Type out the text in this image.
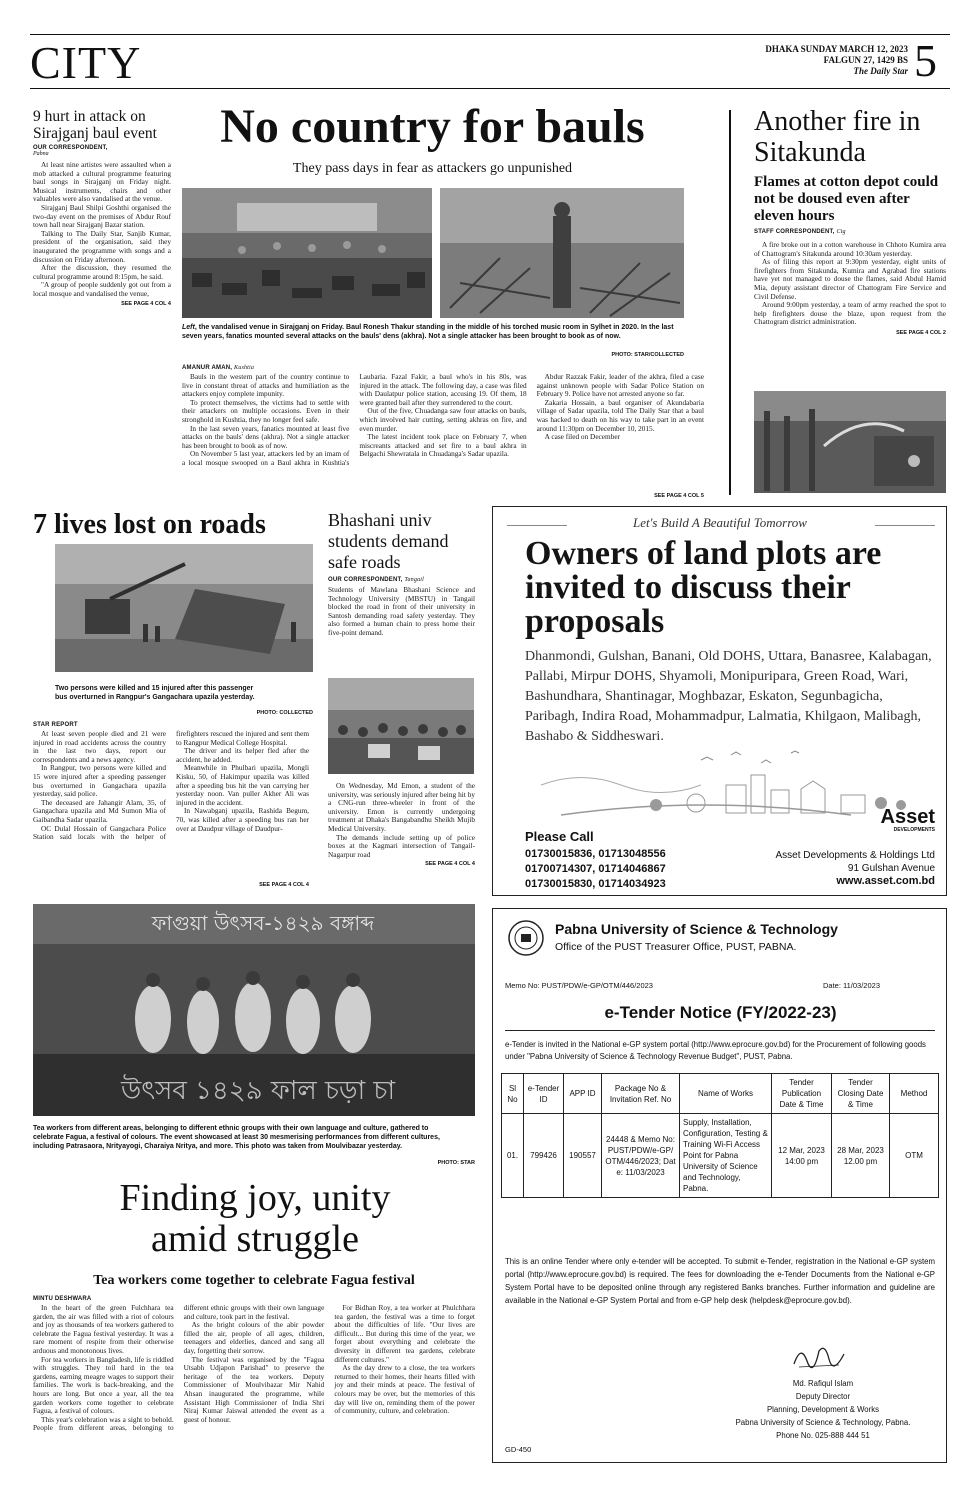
CITY	DHAKA SUNDAY MARCH 12, 2023
FALGUN 27, 1429 BS
The Daily Star 5
9 hurt in attack on Sirajganj baul event
OUR CORRESPONDENT,
Pabna

At least nine artistes were assaulted when a mob attacked a cultural programme featuring baul songs in Sirajganj on Friday night. Musical instruments, chairs and other valuables were also vandalised at the venue.

Sirajganj Baul Shilpi Goshthi organised the two-day event on the premises of Abdur Rouf town hall near Sirajganj Bazar station.

Talking to The Daily Star, Sanjib Kumar, president of the organisation, said they inaugurated the programme with songs and a discussion on Friday afternoon.

After the discussion, they resumed the cultural programme around 8:15pm, he said.

"A group of people suddenly got out from a local mosque and vandalised the venue,

SEE PAGE 4 COL 4
No country for bauls
They pass days in fear as attackers go unpunished
Left, the vandalised venue in Sirajganj on Friday. Baul Ronesh Thakur standing in the middle of his torched music room in Sylhet in 2020. In the last seven years, fanatics mounted several attacks on the bauls' dens (akhra). Not a single attacker has been brought to book as of now.
PHOTO: STAR/COLLECTED
AMANUR AMAN, Kushtia

Bauls in the western part of the country continue to live in constant threat of attacks and humiliation as the attackers enjoy complete impunity.

To protect themselves, the victims had to settle with their attackers on multiple occasions. Even in their stronghold in Kushtia, they no longer feel safe.

In the last seven years, fanatics mounted at least five attacks on the bauls' dens (akhra). Not a single attacker has been brought to book as of now.

On November 5 last year, attackers led by an imam of a local mosque swooped on a Baul akhra in Kushtia's Laubaria. Fazal Fakir, a baul who's in his 80s, was injured in the attack. The following day, a case was filed with Daulatpur police station, accusing 19. Of them, 18 were granted bail after they surrendered to the court.

Out of the five, Chuadanga saw four attacks on bauls, which involved hair cutting, setting akhras on fire, and even murder.

The latest incident took place on February 7, when miscreants attacked and set fire to a baul akhra in Belgachi Shewratala in Chuadanga's Sadar upazila.

Abdur Razzak Fakir, leader of the akhra, filed a case against unknown people with Sadar Police Station on February 9. Police have not arrested anyone so far.

Zakaria Hossain, a baul organiser of Akundabaria village of Sadar upazila, told The Daily Star that a baul was hacked to death on his way to take part in an event around 11:30pm on December 10, 2015.

A case filed on December

SEE PAGE 4 COL 5
Another fire in Sitakunda
Flames at cotton depot could not be doused even after eleven hours
STAFF CORRESPONDENT, Ctg

A fire broke out in a cotton warehouse in Chhoto Kumira area of Chattogram's Sitakunda around 10:30am yesterday.

As of filing this report at 9:30pm yesterday, eight units of firefighters from Sitakunda, Kumira and Agrabad fire stations have yet not managed to douse the flames, said Abdul Hamid Mia, deputy assistant director of Chattogram Fire Service and Civil Defense.

Around 9:00pm yesterday, a team of army reached the spot to help firefighters douse the blaze, upon request from the Chattogram district administration.

SEE PAGE 4 COL 2
7 lives lost on roads
Two persons were killed and 15 injured after this passenger bus overturned in Rangpur's Gangachara upazila yesterday.
PHOTO: COLLECTED
STAR REPORT

At least seven people died and 21 were injured in road accidents across the country in the last two days, report our correspondents and a news agency.

In Rangpur, two persons were killed and 15 were injured after a speeding passenger bus overturned in Gangachara upazila yesterday, said police.

The deceased are Jahangir Alam, 35, of Gangachara upazila and Md Sumon Mia of Gaibandha Sadar upazila.

OC Dulal Hossain of Gangachara Police Station said locals with the helper of firefighters rescued the injured and sent them to Rangpur Medical College Hospital.

The driver and its helper fled after the accident, he added.

Meanwhile in Phulbari upazila, Mongli Kisku, 50, of Hakimpur upazila was killed after a speeding bus hit the van carrying her yesterday noon. Van puller Akher Ali was injured in the accident.

In Nawabganj upazila, Rashida Begum, 70, was killed after a speeding bus ran her over at Daudpur village of Daudpur-

SEE PAGE 4 COL 4
Bhashani univ students demand safe roads
OUR CORRESPONDENT, Tangail
Students of Mawlana Bhashani Science and Technology University (MBSTU) in Tangail blocked the road in front of their university in Santosh demanding road safety yesterday. They also formed a human chain to press home their five-point demand.

On Wednesday, Md Emon, a student of the university, was seriously injured after being hit by a CNG-run three-wheeler in front of the university. Emon is currently undergoing treatment at Dhaka's Bangabandhu Sheikh Mujib Medical University.

The demands include setting up of police boxes at the Kagmari intersection of Tangail-Nagarpur road

SEE PAGE 4 COL 4
Let's Build A Beautiful Tomorrow
Owners of land plots are invited to discuss their proposals
Dhanmondi, Gulshan, Banani, Old DOHS, Uttara, Banasree, Kalabagan, Pallabi, Mirpur DOHS, Shyamoli, Monipuripara, Green Road, Wari, Bashundhara, Shantinagar, Moghbazar, Eskaton, Segunbagicha, Paribagh, Indira Road, Mohammadpur, Lalmatia, Khilgaon, Malibagh, Bashabo & Siddheswari.
Please Call
01730015836, 01713048556
01700714307, 01714046867
01730015830, 01714034923
Asset
DEVELOPMENTS
Asset Developments & Holdings Ltd
91 Gulshan Avenue
www.asset.com.bd
ফাগুয়া উৎসব-১৪২৯ বঙ্গাব্দ
উৎসব ১৪২৯ ফাল চড়া চা
Tea workers from different areas, belonging to different ethnic groups with their own language and culture, gathered to celebrate Fagua, a festival of colours. The event showcased at least 30 mesmerising performances from different cultures, including Patrasaora, Nrityayogi, Charaiya Nritya, and more. This photo was taken from Moulvibazar yesterday.
PHOTO: STAR
Finding joy, unity amid struggle
Tea workers come together to celebrate Fagua festival
MINTU DESHWARA

In the heart of the green Fulchhara tea garden, the air was filled with a riot of colours and joy as thousands of tea workers gathered to celebrate the Fagua festival yesterday. It was a rare moment of respite from their otherwise arduous and monotonous lives.

For tea workers in Bangladesh, life is riddled with struggles. They toil hard in the tea gardens, earning meagre wages to support their families. The work is back-breaking, and the hours are long. But once a year, all the tea garden workers come together to celebrate Fagua, a festival of colours.

This year's celebration was a sight to behold. People from different areas, belonging to different ethnic groups with their own language and culture, took part in the festival.

As the bright colours of the abir powder filled the air, people of all ages, children, teenagers and elderlies, danced and sang all day, forgetting their sorrow.

The festival was organised by the "Fagua Utsabh Udjapon Parishad" to preserve the heritage of the tea workers. Deputy Commissioner of Moulvibazar Mir Nahid Ahsan inaugurated the programme, while Assistant High Commissioner of India Shri Niraj Kumar Jaiswal attended the event as a guest of honour.

For Bidhan Roy, a tea worker at Phulchhara tea garden, the festival was a time to forget about the difficulties of life. "Our lives are difficult... But during this time of the year, we forget about everything and celebrate the diversity in different tea gardens, celebrate different cultures."

As the day drew to a close, the tea workers returned to their homes, their hearts filled with joy and their minds at peace. The festival of colours may be over, but the memories of this day will live on, reminding them of the power of community, culture, and celebration.

Pabna University of Science & Technology
Office of the PUST Treasurer Office, PUST, PABNA.
Memo No: PUST/PDW/e-GP/OTM/446/2023	Date: 11/03/2023
e-Tender Notice (FY/2022-23)
e-Tender is invited in the National e-GP system portal (http://www.eprocure.gov.bd) for the Procurement of following goods under "Pabna University of Science & Technology Revenue Budget", PUST, Pabna.
Sl No	e-Tender ID	APP ID	Package No & Invitation Ref. No	Name of Works	Tender Publication Date & Time	Tender Closing Date & Time	Method
01.	799426	190557	24448 & Memo No: PUST/PDW/e-GP/OTM/446/2023; Date: 11/03/2023	Supply, Installation, Configuration, Testing & Training Wi-Fi Access Point for Pabna University of Science and Technology, Pabna.	12 Mar, 2023 14:00 pm	28 Mar, 2023 12.00 pm	OTM
This is an online Tender where only e-tender will be accepted. To submit e-Tender, registration in the National e-GP system portal (http://www.eprocure.gov.bd) is required. The fees for downloading the e-Tender Documents from the National e-GP System Portal have to be deposited online through any registered Banks branches. Further information and guideline are available in the National e-GP System Portal and from e-GP help desk (helpdesk@eprocure.gov.bd).
Md. Rafiqul Islam
Deputy Director
Planning, Development & Works
Pabna University of Science & Technology, Pabna.
Phone No. 025-888 444 51
GD-450
